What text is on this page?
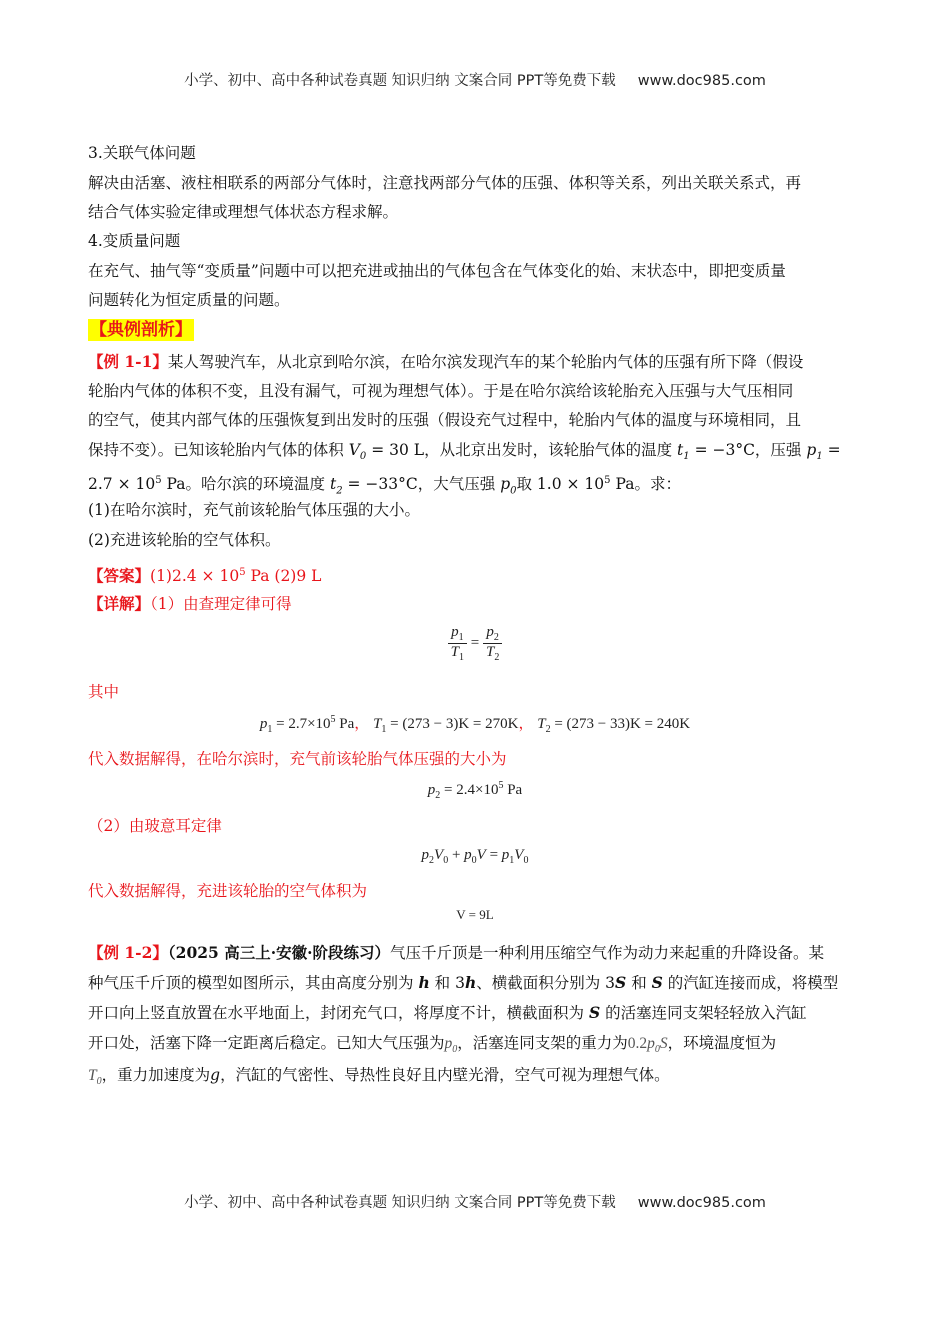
小学、初中、高中各种试卷真题 知识归纳 文案合同 PPT等免费下载 www.doc985.com
3.关联气体问题
解决由活塞、液柱相联系的两部分气体时，注意找两部分气体的压强、体积等关系，列出关联关系式，再
结合气体实验定律或理想气体状态方程求解。
4.变质量问题
在充气、抽气等“变质量”问题中可以把充进或抽出的气体包含在气体变化的始、末状态中，即把变质量
问题转化为恒定质量的问题。
【典例剖析】
【例 1-1】某人驾驶汽车，从北京到哈尔滨，在哈尔滨发现汽车的某个轮胎内气体的压强有所下降（假设
轮胎内气体的体积不变，且没有漏气，可视为理想气体）。于是在哈尔滨给该轮胎充入压强与大气压相同
的空气，使其内部气体的压强恢复到出发时的压强（假设充气过程中，轮胎内气体的温度与环境相同，且
保持不变）。已知该轮胎内气体的体积 $V_0 = 30$ L，从北京出发时，该轮胎气体的温度 $t_1 = -3^\circ C$，压强 $p_1$ =
$2.7 \times 10^5$ Pa。哈尔滨的环境温度 $t_2 = -33^\circ C$，大气压强 $p_0$取 $1.0 \times 10^5$ Pa。求：
(1)在哈尔滨时，充气前该轮胎气体压强的大小。
(2)充进该轮胎的空气体积。
【答案】$(1)2.4 \times 10^5$ Pa (2)9 L
【详解】（1）由查理定律可得
$\frac{p_1}{T_1} = \frac{p_2}{T_2}$
其中
$p_1 = 2.7\times 10^5$ Pa， $T_1 = (273 - 3)K = 270K$， $T_2 = (273 - 33)K = 240K$
代入数据解得，在哈尔滨时，充气前该轮胎气体压强的大小为
$p_2 = 2.4\times 10^5$ Pa
（2）由玻意耳定律
$p_2V_0 + p_0V = p_1V_0$
代入数据解得，充进该轮胎的空气体积为
V = 9L
【例 1-2】（2025 高三上·安徽·阶段练习）气压千斤顶是一种利用压缩空气作为动力来起重的升降设备。某
种气压千斤顶的模型如图所示，其由高度分别为 h 和 3h、横截面积分别为 3S 和 S 的汽缸连接而成，将模型
开口向上竖直放置在水平地面上，封闭充气口，将厚度不计，横截面积为 S 的活塞连同支架轻轻放入汽缸
开口处，活塞下降一定距离后稳定。已知大气压强为$p_0$，活塞连同支架的重力为$0.2p_0S$，环境温度恒为
$T_0$，重力加速度为g，汽缸的气密性、导热性良好且内壁光滑，空气可视为理想气体。
小学、初中、高中各种试卷真题 知识归纳 文案合同 PPT等免费下载 www.doc985.com
